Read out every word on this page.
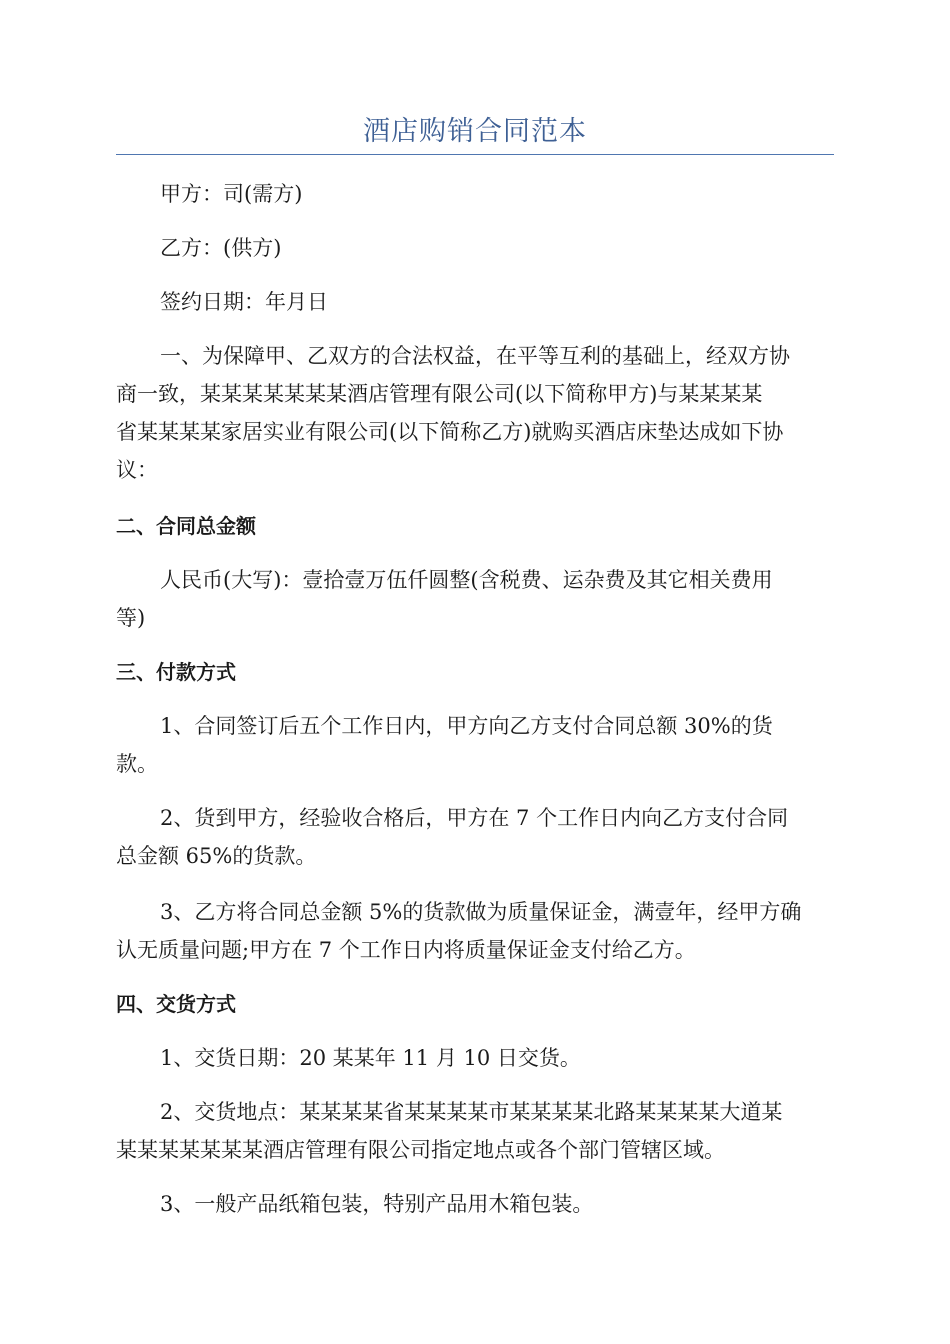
酒店购销合同范本
甲方：司(需方)
乙方：(供方)
签约日期：年月日
一、为保障甲、乙双方的合法权益，在平等互利的基础上，经双方协
商一致，某某某某某某某酒店管理有限公司(以下简称甲方)与某某某某
省某某某某家居实业有限公司(以下简称乙方)就购买酒店床垫达成如下协
议：
二、合同总金额
人民币(大写)：壹拾壹万伍仟圆整(含税费、运杂费及其它相关费用
等)
三、付款方式
1、合同签订后五个工作日内，甲方向乙方支付合同总额 30%的货
款。
2、货到甲方，经验收合格后，甲方在 7 个工作日内向乙方支付合同
总金额 65%的货款。
3、乙方将合同总金额 5%的货款做为质量保证金，满壹年，经甲方确
认无质量问题;甲方在 7 个工作日内将质量保证金支付给乙方。
四、交货方式
1、交货日期：20 某某年 11 月 10 日交货。
2、交货地点：某某某某省某某某某市某某某某北路某某某某大道某
某某某某某某某酒店管理有限公司指定地点或各个部门管辖区域。
3、一般产品纸箱包装，特别产品用木箱包装。
